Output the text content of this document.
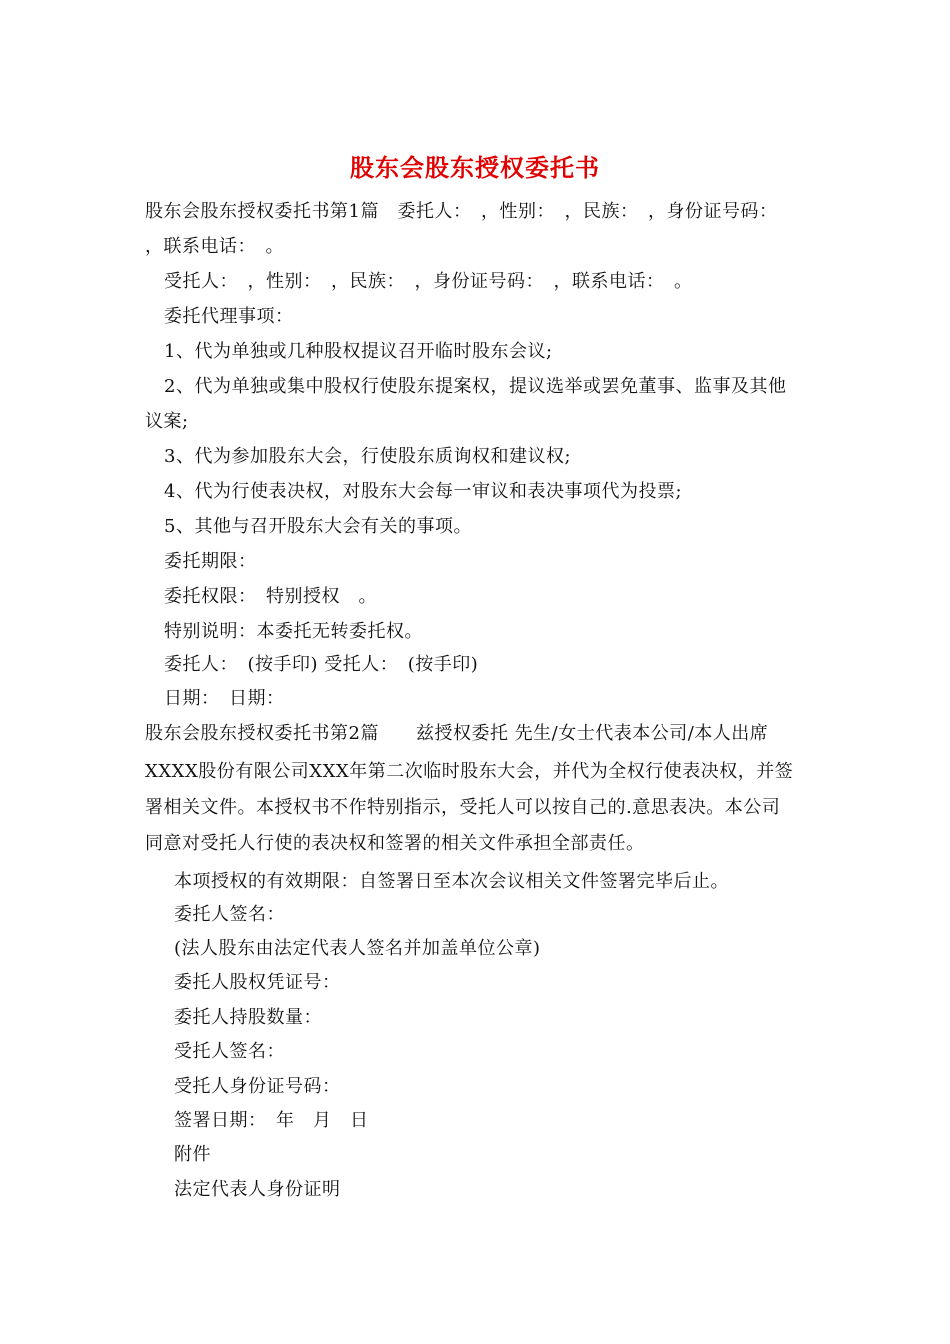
股东会股东授权委托书
股东会股东授权委托书第1篇　委托人：　，性别：　，民族：　，身份证号码：
，联系电话：　。
受托人：　，性别：　，民族：　，身份证号码：　，联系电话：　。
委托代理事项：
1、代为单独或几种股权提议召开临时股东会议;
2、代为单独或集中股权行使股东提案权，提议选举或罢免董事、监事及其他
议案;
3、代为参加股东大会，行使股东质询权和建议权;
4、代为行使表决权，对股东大会每一审议和表决事项代为投票;
5、其他与召开股东大会有关的事项。
委托期限：
委托权限：　特别授权　。
特别说明：本委托无转委托权。
委托人：　(按手印) 受托人：　(按手印)
日期：　日期：
股东会股东授权委托书第2篇　　兹授权委托 先生/女士代表本公司/本人出席
XXXX股份有限公司XXX年第二次临时股东大会，并代为全权行使表决权，并签
署相关文件。本授权书不作特别指示，受托人可以按自己的.意思表决。本公司
同意对受托人行使的表决权和签署的相关文件承担全部责任。
本项授权的有效期限：自签署日至本次会议相关文件签署完毕后止。
委托人签名：
(法人股东由法定代表人签名并加盖单位公章)
委托人股权凭证号：
委托人持股数量：
受托人签名：
受托人身份证号码：
签署日期：　年　月　日
附件
法定代表人身份证明
